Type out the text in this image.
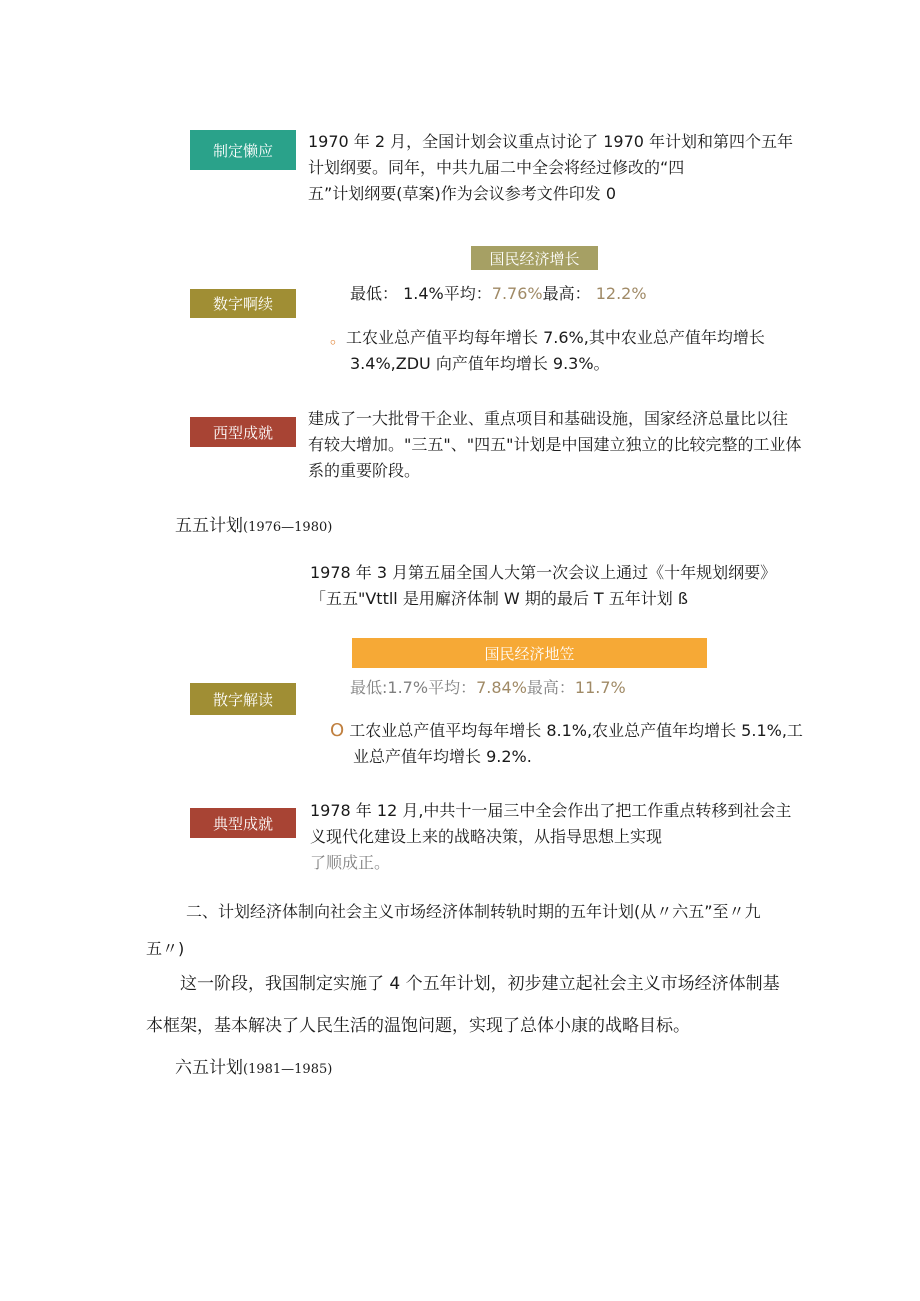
制定懒应 1970 年 2 月，全国计划会议重点讨论了 1970 年计划和第四个五年
计划纲要。同年，中共九届二中全会将经过修改的“四
五”计划纲要(草案)作为会议参考文件印发 0
国民经济增长
数字啊续
最低： 1.4%平均：7.76%最高： 12.2%
。工农业总产值平均每年增长 7.6%,其中农业总产值年均增长
3.4%,ZDU 向产值年均增长 9.3%。
西型成就
建成了一大批骨干企业、重点项目和基础设施，国家经济总量比以往
有较大增加。"三五"、"四五"计划是中国建立独立的比较完整的工业体
系的重要阶段。
五五计划(1976—1980)
1978 年 3 月第五届全国人大第一次会议上通过《十年规划纲要》
「五五"Vttll 是用廨济体制 W 期的最后 T 五年计划 ß
国民经济地笠
最低:1.7%平均：7.84%最高：11.7%
散字解读
O 工农业总产值平均每年增长 8.1%,农业总产值年均增长 5.1%,工
业总产值年均增长 9.2%.
典型成就
1978 年 12 月,中共十一届三中全会作出了把工作重点转移到社会主
义现代化建设上来的战略决策，从指导思想上实现
了顺成正。
二、计划经济体制向社会主义市场经济体制转轨时期的五年计划(从〃六五”至〃九
五〃)
这一阶段，我国制定实施了 4 个五年计划，初步建立起社会主义市场经济体制基
本框架，基本解决了人民生活的温饱问题，实现了总体小康的战略目标。
六五计划(1981—1985)
